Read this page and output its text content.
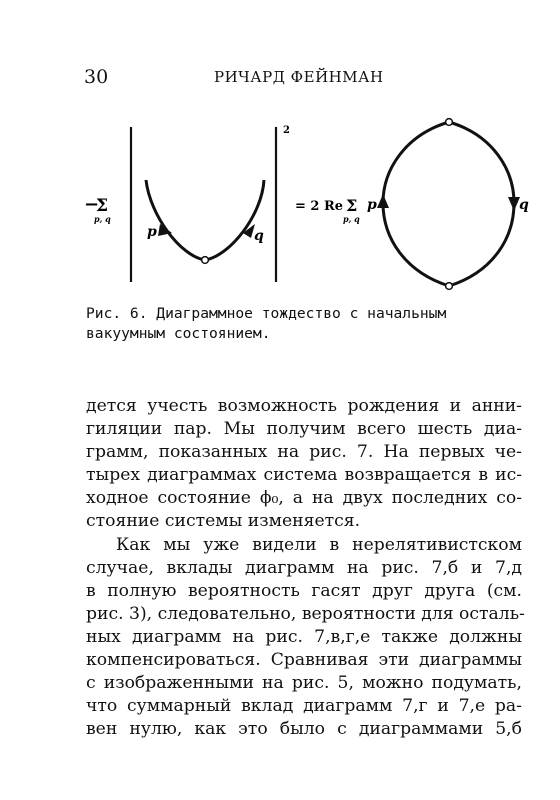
30	РИЧАРД ФЕЙНМАН
−
Σ
p, q
2
p	q
= 2 Re Σ
p, q
p	q
Рис. 6. Диаграммное тождество с начальным
вакуумным состоянием.
дется учесть возможность рождения и анни-
гиляции пар. Мы получим всего шесть диа-
грамм, показанных на рис. 7. На первых че-
тырех диаграммах система возвращается в ис-
ходное состояние ϕ₀, а на двух последних со-
стояние системы изменяется.
Как мы уже видели в нерелятивистском
случае, вклады диаграмм на рис. 7,б и 7,д
в полную вероятность гасят друг друга (см.
рис. 3), следовательно, вероятности для осталь-
ных диаграмм на рис. 7,в,г,е также должны
компенсироваться. Сравнивая эти диаграммы
с изображенными на рис. 5, можно подумать,
что суммарный вклад диаграмм 7,г и 7,е ра-
вен нулю, как это было с диаграммами 5,б
